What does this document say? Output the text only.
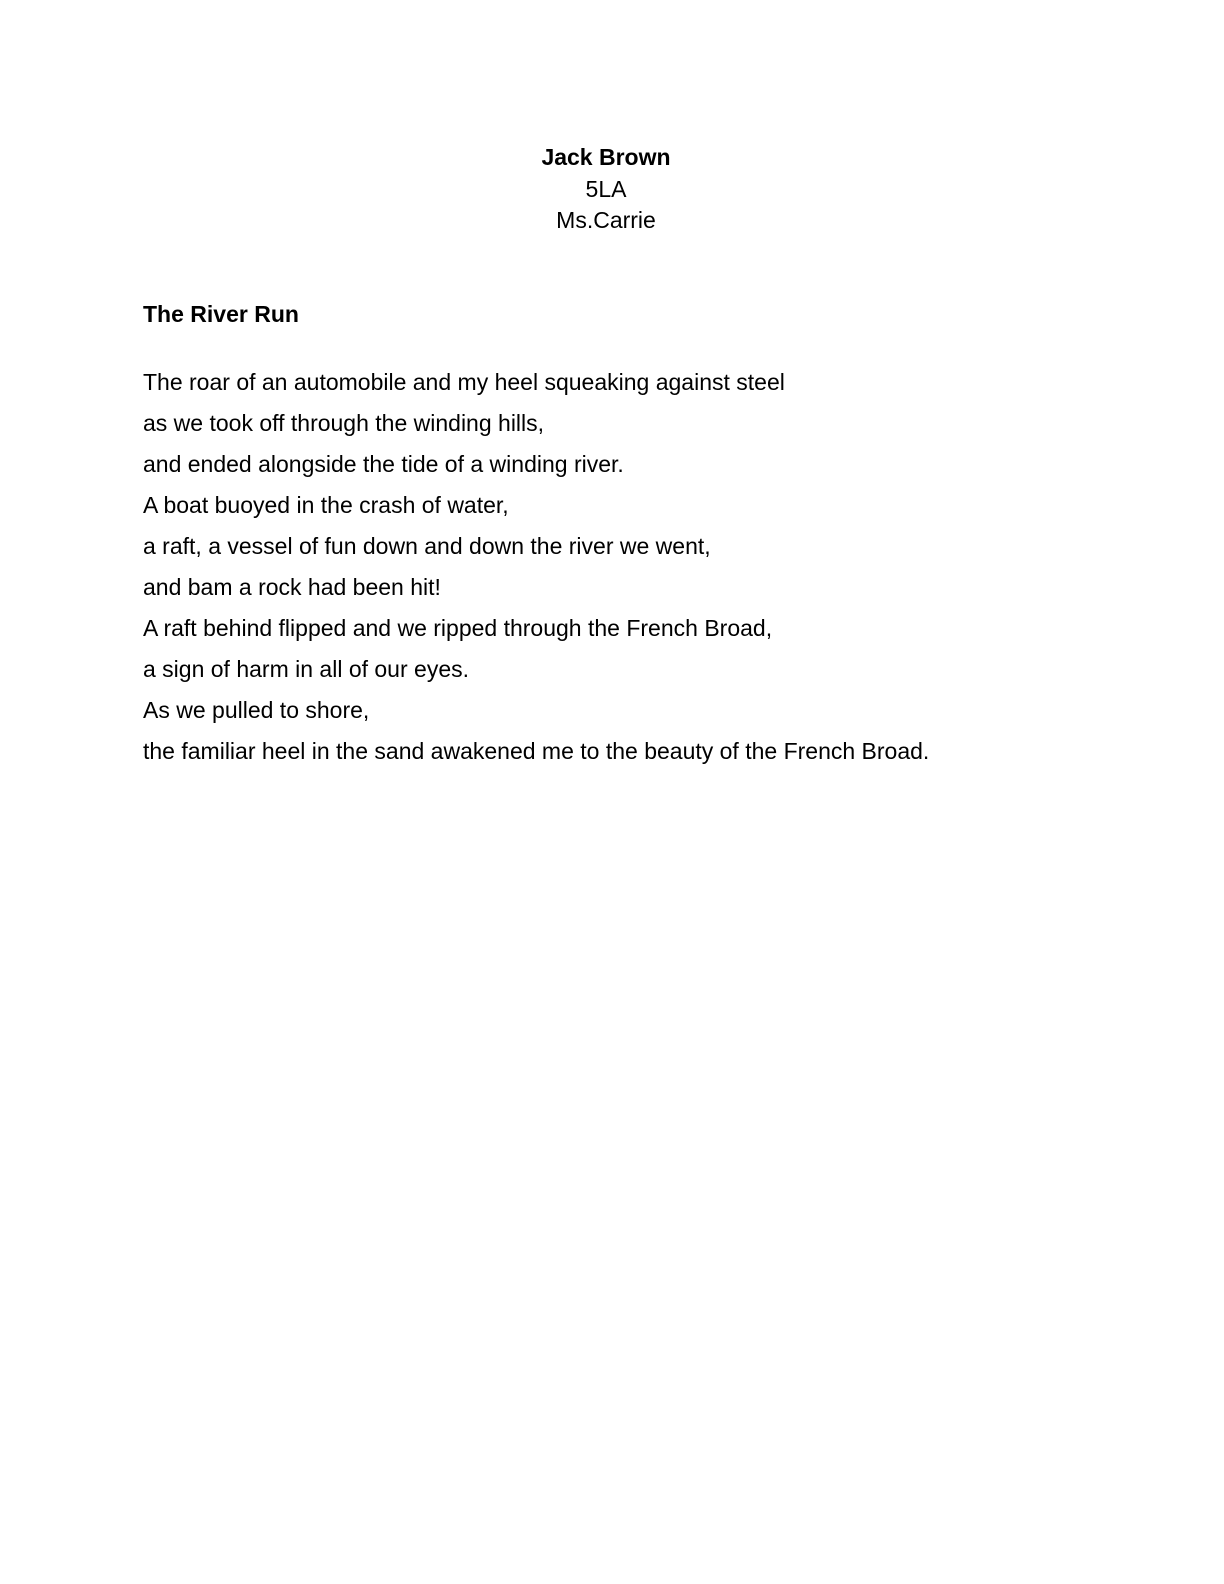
Jack Brown
5LA
Ms.Carrie
The River Run
The roar of an automobile and my heel squeaking against steel
as we took off through the winding hills,
and ended alongside the tide of a winding river.
A boat buoyed in the crash of water,
a raft, a vessel of fun down and down the river we went,
and bam a rock had been hit!
A raft behind flipped and we ripped through the French Broad,
a sign of harm in all of our eyes.
As we pulled to shore,
the familiar heel in the sand awakened me to the beauty of the French Broad.
